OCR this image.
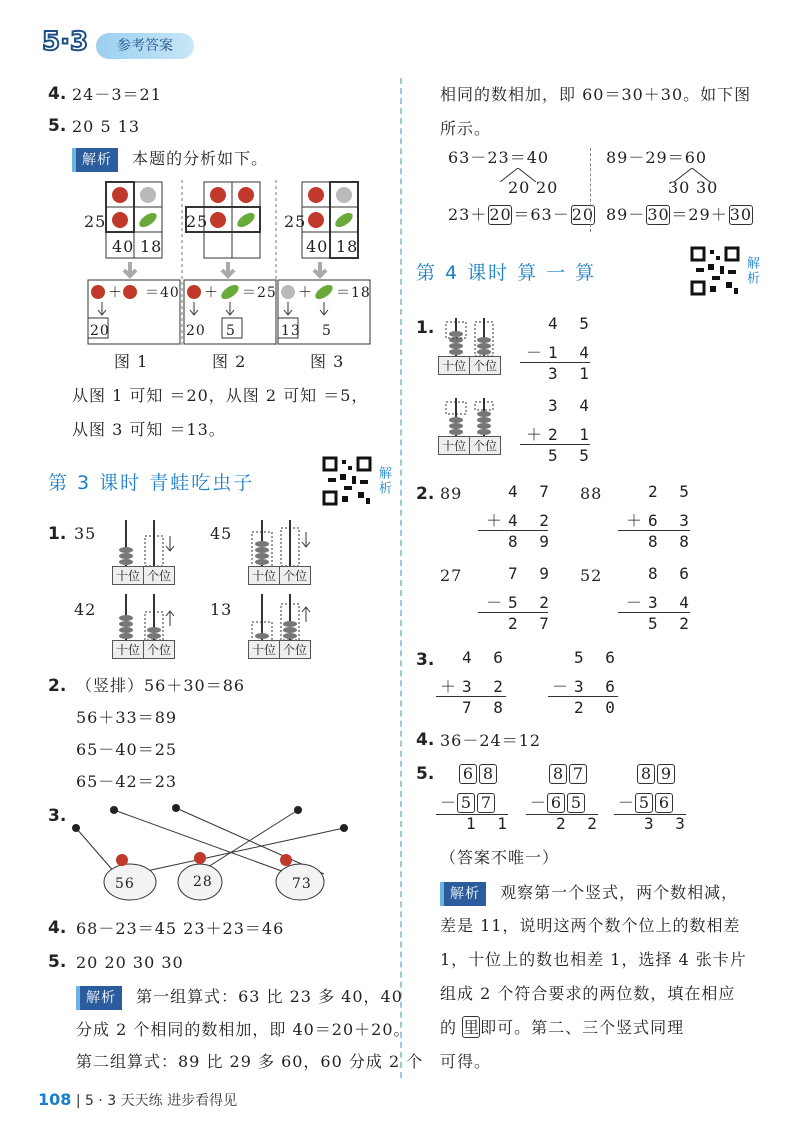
5·3	参考答案
4. 24－3＝21
5. 20 5 13
解析 本题的分析如下。
＋	＋	＋
25
40 18
25	25
40 18
＝40
20
＝25
20 5
＝18
13 5
图 1	图 2	图 3
从图 1 可知 ＝20，从图 2 可知 ＝5，
从图 3 可知 ＝13。
第 3 课时 青蛙吃虫子	解析
1. 35	45
42	13
十位 个位	十位 个位
十位 个位	十位 个位
2. （竖排）56＋30＝86
56＋33＝89
65－40＝25
65－42＝23
3.
56	28	73
4. 68－23＝45 23＋23＝46
5. 20 20 30 30
解析 第一组算式：63 比 23 多 40，40
分成 2 个相同的数相加，即 40＝20＋20。
第二组算式：89 比 29 多 60，60 分成 2 个
相同的数相加，即 60＝30＋30。如下图
所示。
63－23＝40
20 20
23＋ 20 ＝63－ 20
89－29＝60
30 30
89－ 30 ＝29＋ 30
第 4 课时 算 一 算	解析
1.
十位 个位
4 5
－1 4
3 1
十位 个位
3 4
＋2 1
5 5
2. 89	4 7
＋4 2
8 9
88	2 5
＋6 3
8 8
27	7 9
－5 2
2 7
52	8 6
－3 4
5 2
3. 4 6
＋3 2
7 8
5 6
－3 6
2 0
4. 36－24＝12
5.	6 8
－ 5 7
1 1
8 7
－ 6 5
2 2
8 9
－ 5 6
3 3
（答案不唯一）
解析 观察第一个竖式，两个数相减，
差是 11，说明这两个数个位上的数相差
1，十位上的数也相差 1，选择 4 张卡片
组成 2 个符合要求的两位数，填在相应
的 里即可。第二、三个竖式同理
可得。
108 | 5 · 3 天天练 进步看得见
